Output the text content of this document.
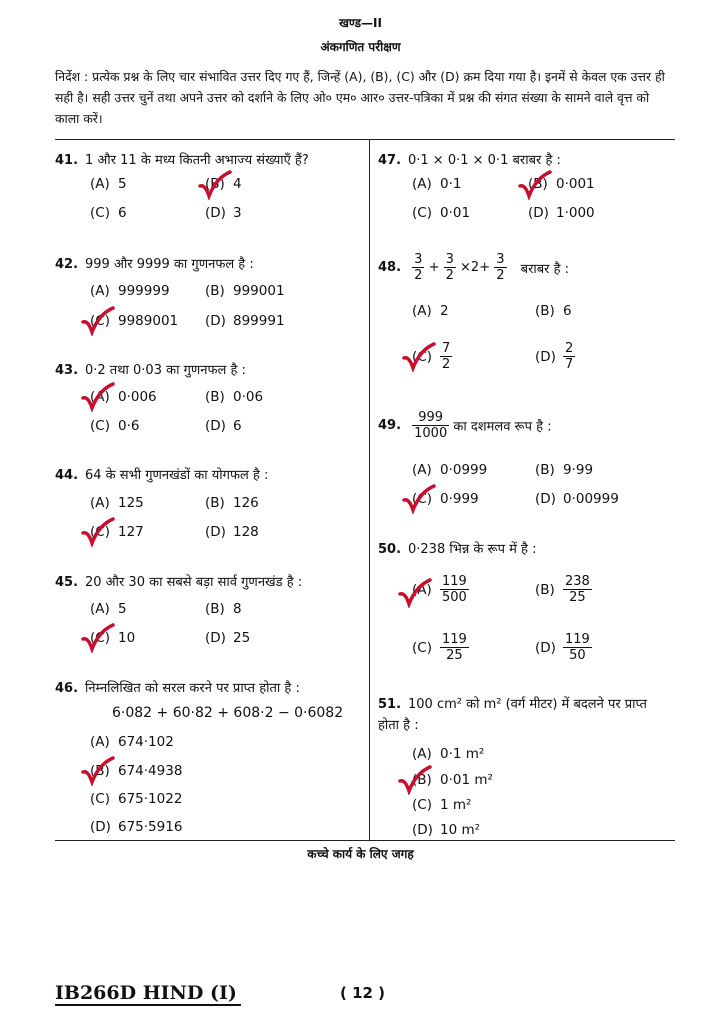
खण्ड—II
अंकगणित परीक्षण
निर्देश : प्रत्येक प्रश्न के लिए चार संभावित उत्तर दिए गए हैं, जिन्हें (A), (B), (C) और (D) क्रम दिया गया है। इनमें से केवल एक उत्तर ही सही है। सही उत्तर चुनें तथा अपने उत्तर को दर्शाने के लिए ओ० एम० आर० उत्तर-पत्रिका में प्रश्न की संगत संख्या के सामने वाले वृत्त को काला करें।
41. 1 और 11 के मध्य कितनी अभाज्य संख्याएँ हैं?
(A) 5	(B) 4
(C) 6	(D) 3
42. 999 और 9999 का गुणनफल है :
(A) 999999	(B) 999001
(C) 9989001 (D) 899991
43. 0·2 तथा 0·03 का गुणनफल है :
(A) 0·006	(B) 0·06
(C) 0·6	(D) 6
44. 64 के सभी गुणनखंडों का योगफल है :
(A) 125	(B) 126
(C) 127	(D) 128
45. 20 और 30 का सबसे बड़ा सार्व गुणनखंड है :
(A) 5	(B) 8
(C) 10	(D) 25
46. निम्नलिखित को सरल करने पर प्राप्त होता है :
6·082 + 60·82 + 608·2 − 0·6082
(A) 674·102
(B) 674·4938
(C) 675·1022
(D) 675·5916
47. 0·1 × 0·1 × 0·1 बराबर है :
(A) 0·1	(B) 0·001
(C) 0·01	(D) 1·000
48. $\frac{3}{2} + \frac{3}{2} \times 2+ \frac{3}{2}$ बराबर है :
(A) 2	(B) 6
$(C) \frac{7}{2}$	$(D) \frac{2}{7}$
49. $\frac{999}{1000}$ का दशमलव रूप है :
(A) 0·0999	(B) 9·99
(C) 0·999	(D) 0·00999
50. 0·238 भिन्न के रूप में है :
$(A) \frac{119}{500}$	$(B) \frac{238}{25}$
$(C) \frac{119}{25}$	$(D) \frac{119}{50}$
51. 100 cm² को m² (वर्ग मीटर) में बदलने पर प्राप्त होता है :
(A) 0·1 m²
(B) 0·01 m²
(C) 1 m²
(D) 10 m²
कच्चे कार्य के लिए जगह
IB266D HIND (I)	( 12 )
